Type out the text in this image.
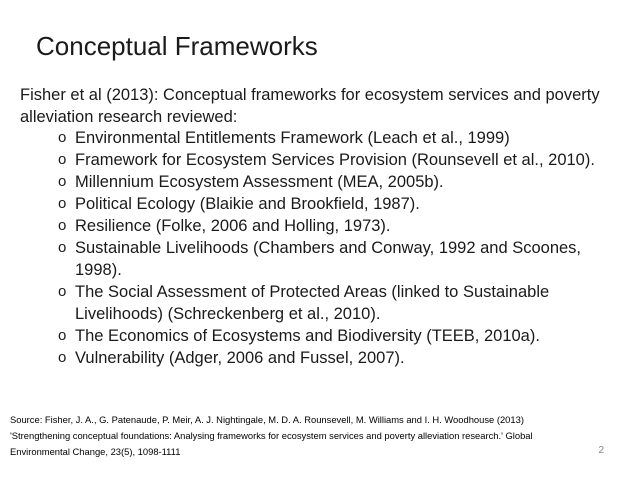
Conceptual Frameworks
Fisher et al (2013): Conceptual frameworks for ecosystem services and poverty alleviation research reviewed:
o Environmental Entitlements Framework (Leach et al., 1999)
o Framework for Ecosystem Services Provision (Rounsevell et al., 2010).
o Millennium Ecosystem Assessment (MEA, 2005b).
o Political Ecology (Blaikie and Brookfield, 1987).
o Resilience (Folke, 2006 and Holling, 1973).
o Sustainable Livelihoods (Chambers and Conway, 1992 and Scoones, 1998).
o The Social Assessment of Protected Areas (linked to Sustainable Livelihoods) (Schreckenberg et al., 2010).
o The Economics of Ecosystems and Biodiversity (TEEB, 2010a).
o Vulnerability (Adger, 2006 and Fussel, 2007).
Source: Fisher, J. A., G. Patenaude, P. Meir, A. J. Nightingale, M. D. A. Rounsevell, M. Williams and I. H. Woodhouse (2013)
'Strengthening conceptual foundations: Analysing frameworks for ecosystem services and poverty alleviation research.' Global
Environmental Change, 23(5), 1098-1111	2
